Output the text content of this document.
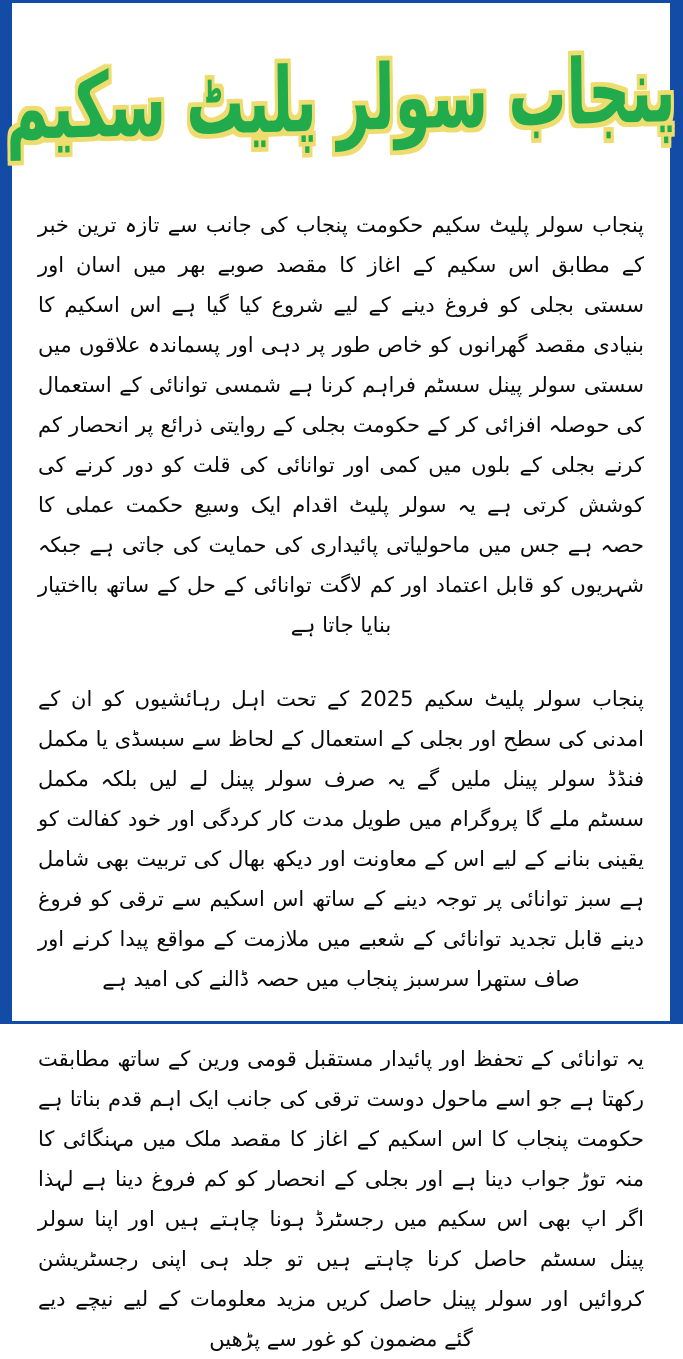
پنجاب سولر پلیٹ سکیم

پنجاب سولر پلیٹ سکیم حکومت پنجاب کی جانب سے تازہ ترین خبر کے مطابق اس سکیم کے اغاز کا مقصد صوبے بھر میں اسان اور سستی بجلی کو فروغ دینے کے لیے شروع کیا گیا ہے اس اسکیم کا بنیادی مقصد گھرانوں کو خاص طور پر دہی اور پسماندہ علاقوں میں سستی سولر پینل سسٹم فراہم کرنا ہے شمسی توانائی کے استعمال کی حوصلہ افزائی کر کے حکومت بجلی کے روایتی ذرائع پر انحصار کم کرنے بجلی کے بلوں میں کمی اور توانائی کی قلت کو دور کرنے کی کوشش کرتی ہے یہ سولر پلیٹ اقدام ایک وسیع حکمت عملی کا حصہ ہے جس میں ماحولیاتی پائیداری کی حمایت کی جاتی ہے جبکہ شہریوں کو قابل اعتماد اور کم لاگت توانائی کے حل کے ساتھ بااختیار بنایا جاتا ہے

پنجاب سولر پلیٹ سکیم 2025 کے تحت اہل رہائشیوں کو ان کے امدنی کی سطح اور بجلی کے استعمال کے لحاظ سے سبسڈی یا مکمل فنڈڈ سولر پینل ملیں گے یہ صرف سولر پینل لے لیں بلکہ مکمل سسٹم ملے گا پروگرام میں طویل مدت کار کردگی اور خود کفالت کو یقینی بنانے کے لیے اس کے معاونت اور دیکھ بھال کی تربیت بھی شامل ہے سبز توانائی پر توجہ دینے کے ساتھ اس اسکیم سے ترقی کو فروغ دینے قابل تجدید توانائی کے شعبے میں ملازمت کے مواقع پیدا کرنے اور صاف ستھرا سرسبز پنجاب میں حصہ ڈالنے کی امید ہے

یہ توانائی کے تحفظ اور پائیدار مستقبل قومی ورین کے ساتھ مطابقت رکھتا ہے جو اسے ماحول دوست ترقی کی جانب ایک اہم قدم بناتا ہے حکومت پنجاب کا اس اسکیم کے اغاز کا مقصد ملک میں مہنگائی کا منہ توڑ جواب دینا ہے اور بجلی کے انحصار کو کم فروغ دینا ہے لہذا اگر اپ بھی اس سکیم میں رجسٹرڈ ہونا چاہتے ہیں اور اپنا سولر پینل سسٹم حاصل کرنا چاہتے ہیں تو جلد ہی اپنی رجسٹریشن کروائیں اور سولر پینل حاصل کریں مزید معلومات کے لیے نیچے دیے گئے مضمون کو غور سے پڑھیں
